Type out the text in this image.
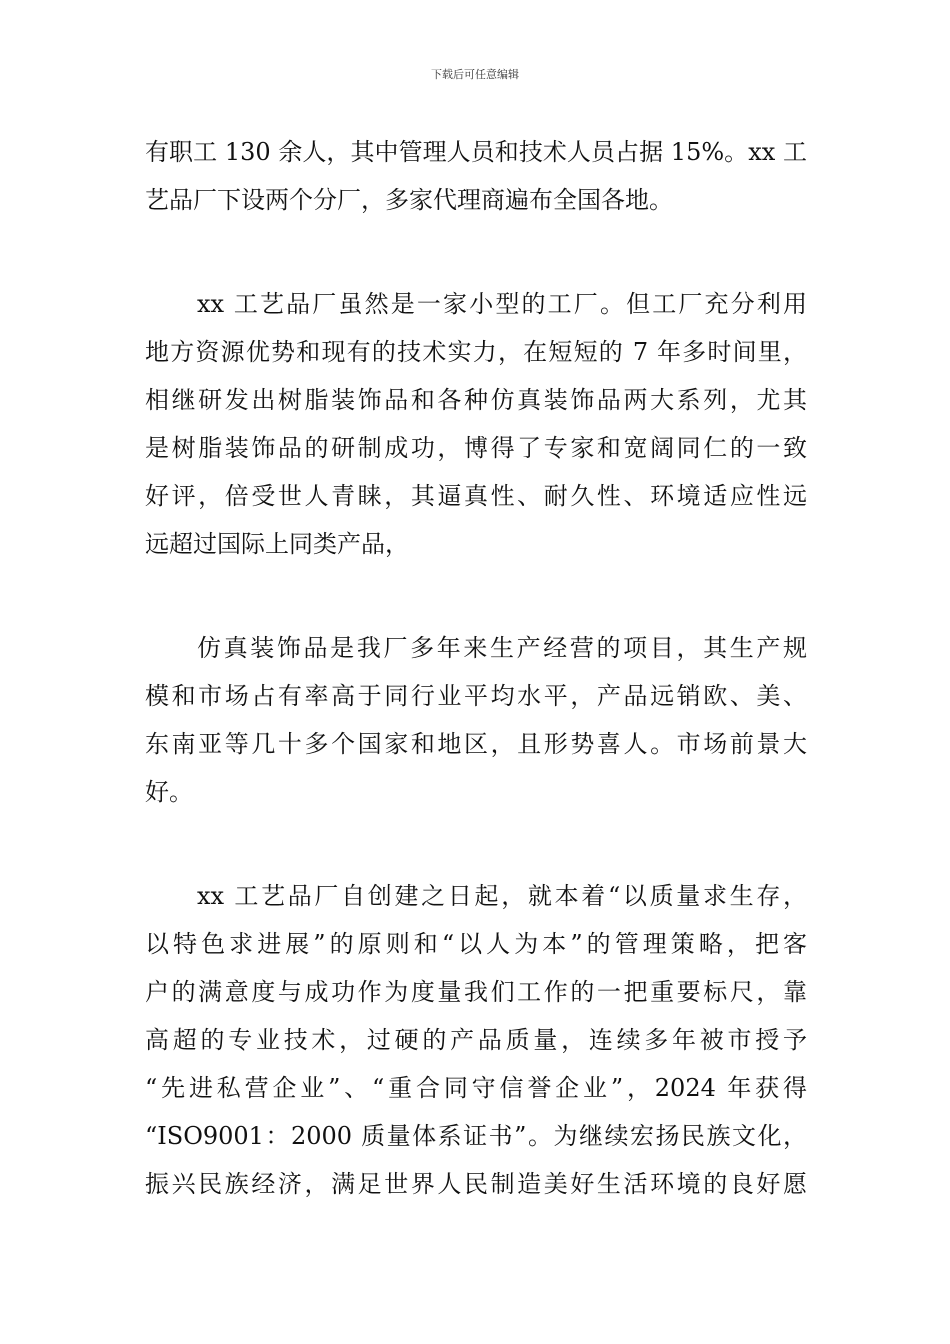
下载后可任意编辑
有职工 130 余人，其中管理人员和技术人员占据 15%。xx 工
艺品厂下设两个分厂，多家代理商遍布全国各地。
xx 工艺品厂虽然是一家小型的工厂。但工厂充分利用
地方资源优势和现有的技术实力，在短短的 7 年多时间里，
相继研发出树脂装饰品和各种仿真装饰品两大系列，尤其
是树脂装饰品的研制成功，博得了专家和宽阔同仁的一致
好评，倍受世人青睐，其逼真性、耐久性、环境适应性远
远超过国际上同类产品，
仿真装饰品是我厂多年来生产经营的项目，其生产规
模和市场占有率高于同行业平均水平，产品远销欧、美、
东南亚等几十多个国家和地区，且形势喜人。市场前景大
好。
xx 工艺品厂自创建之日起，就本着“以质量求生存，
以特色求进展”的原则和“以人为本”的管理策略，把客
户的满意度与成功作为度量我们工作的一把重要标尺，靠
高超的专业技术，过硬的产品质量，连续多年被市授予
“先进私营企业”、“重合同守信誉企业”，2024 年获得
“ISO9001：2000 质量体系证书”。为继续宏扬民族文化，
振兴民族经济，满足世界人民制造美好生活环境的良好愿
